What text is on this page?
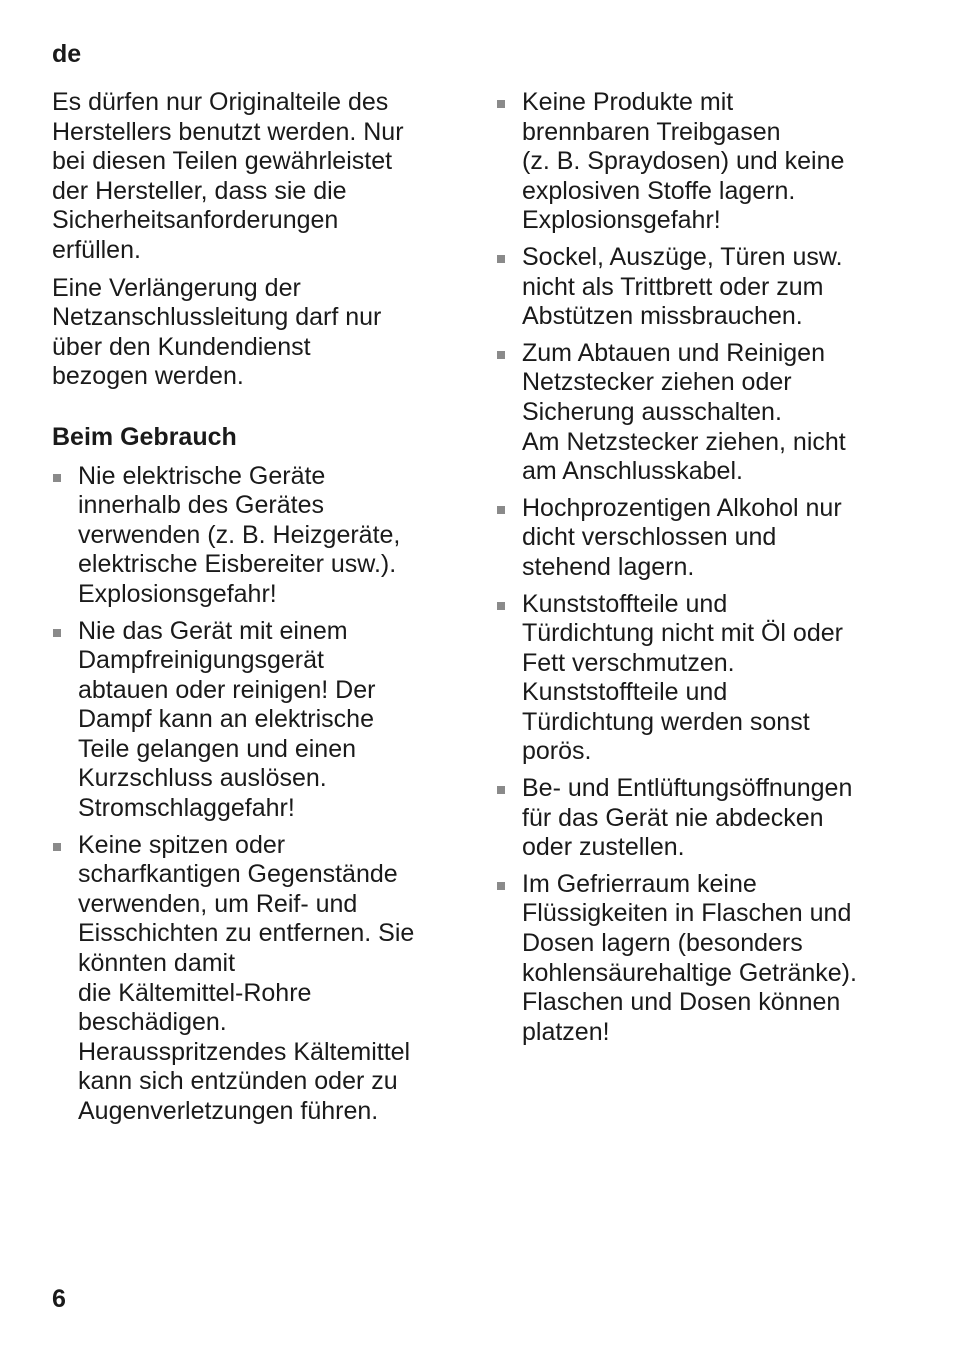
de

Es dürfen nur Originalteile des
Herstellers benutzt werden. Nur
bei diesen Teilen gewährleistet
der Hersteller, dass sie die
Sicherheitsanforderungen
erfüllen.

Eine Verlängerung der
Netzanschlussleitung darf nur
über den Kundendienst
bezogen werden.

Beim Gebrauch
Nie elektrische Geräte
innerhalb des Gerätes
verwenden (z. B. Heizgeräte,
elektrische Eisbereiter usw.).
Explosionsgefahr!
Nie das Gerät mit einem
Dampfreinigungsgerät
abtauen oder reinigen! Der
Dampf kann an elektrische
Teile gelangen und einen
Kurzschluss auslösen.
Stromschlaggefahr!
Keine spitzen oder
scharfkantigen Gegenstände
verwenden, um Reif- und
Eisschichten zu entfernen. Sie
könnten damit
die Kältemittel-Rohre
beschädigen.
Herausspritzendes Kältemittel
kann sich entzünden oder zu
Augenverletzungen führen.
Keine Produkte mit
brennbaren Treibgasen
(z. B. Spraydosen) und keine
explosiven Stoffe lagern.
Explosionsgefahr!
Sockel, Auszüge, Türen usw.
nicht als Trittbrett oder zum
Abstützen missbrauchen.
Zum Abtauen und Reinigen
Netzstecker ziehen oder
Sicherung ausschalten.
Am Netzstecker ziehen, nicht
am Anschlusskabel.
Hochprozentigen Alkohol nur
dicht verschlossen und
stehend lagern.
Kunststoffteile und
Türdichtung nicht mit Öl oder
Fett verschmutzen.
Kunststoffteile und
Türdichtung werden sonst
porös.
Be- und Entlüftungsöffnungen
für das Gerät nie abdecken
oder zustellen.
Im Gefrierraum keine
Flüssigkeiten in Flaschen und
Dosen lagern (besonders
kohlensäurehaltige Getränke).
Flaschen und Dosen können
platzen!
6
